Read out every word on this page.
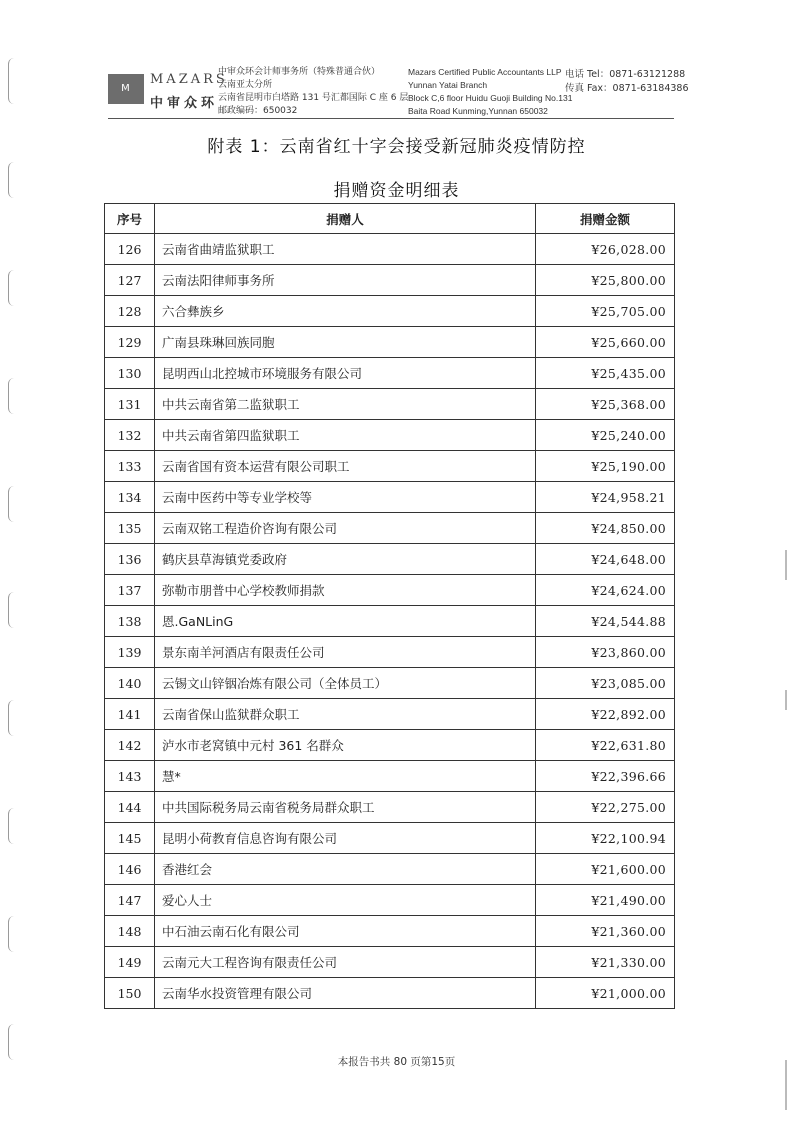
M
MAZARS
中审众环
中审众环会计师事务所（特殊普通合伙）
云南亚太分所
云南省昆明市白塔路 131 号汇都国际 C 座 6 层
邮政编码：650032
Mazars Certified Public Accountants LLP
Yunnan Yatai Branch
Block C,6 floor Huidu Guoji Building No.131
Baita Road Kunming,Yunnan 650032
电话 Tel：0871-63121288
传真 Fax：0871-63184386
附表 1：云南省红十字会接受新冠肺炎疫情防控
捐赠资金明细表
序号	捐赠人	捐赠金额
126	云南省曲靖监狱职工	¥26,028.00
127	云南法阳律师事务所	¥25,800.00
128	六合彝族乡	¥25,705.00
129	广南县珠琳回族同胞	¥25,660.00
130	昆明西山北控城市环境服务有限公司	¥25,435.00
131	中共云南省第二监狱职工	¥25,368.00
132	中共云南省第四监狱职工	¥25,240.00
133	云南省国有资本运营有限公司职工	¥25,190.00
134	云南中医药中等专业学校等	¥24,958.21
135	云南双铭工程造价咨询有限公司	¥24,850.00
136	鹤庆县草海镇党委政府	¥24,648.00
137	弥勒市朋普中心学校教师捐款	¥24,624.00
138	恩.GaNLinG	¥24,544.88
139	景东南羊河酒店有限责任公司	¥23,860.00
140	云锡文山锌铟冶炼有限公司（全体员工）	¥23,085.00
141	云南省保山监狱群众职工	¥22,892.00
142	泸水市老窝镇中元村 361 名群众	¥22,631.80
143	慧*	¥22,396.66
144	中共国际税务局云南省税务局群众职工	¥22,275.00
145	昆明小荷教育信息咨询有限公司	¥22,100.94
146	香港红会	¥21,600.00
147	爱心人士	¥21,490.00
148	中石油云南石化有限公司	¥21,360.00
149	云南元大工程咨询有限责任公司	¥21,330.00
150	云南华水投资管理有限公司	¥21,000.00
本报告书共 80 页第15页
